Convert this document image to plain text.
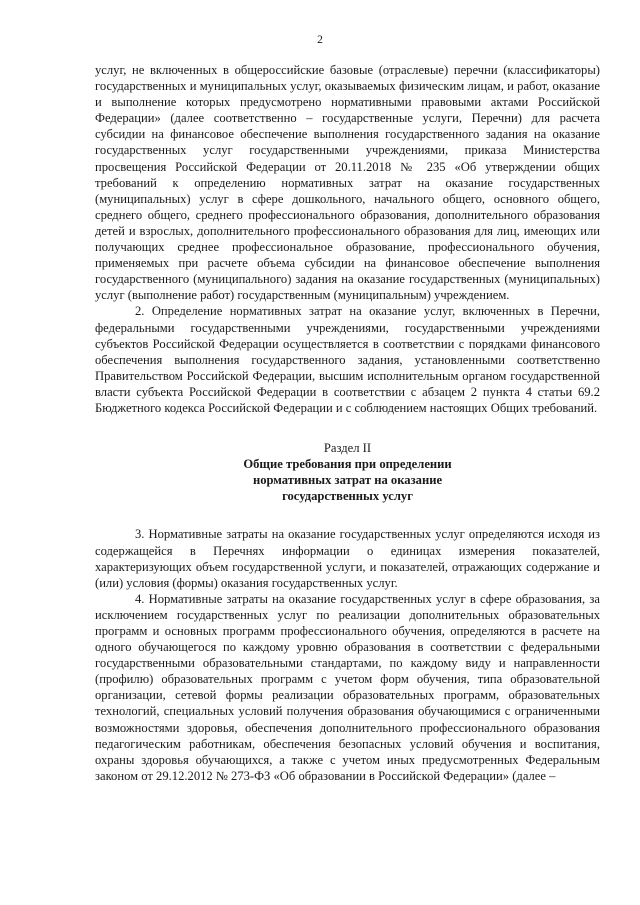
2

услуг, не включенных в общероссийские базовые (отраслевые) перечни (классификаторы) государственных и муниципальных услуг, оказываемых физическим лицам, и работ, оказание и выполнение которых предусмотрено нормативными правовыми актами Российской Федерации» (далее соответственно – государственные услуги, Перечни) для расчета субсидии на финансовое обеспечение выполнения государственного задания на оказание государственных услуг государственными учреждениями, приказа Министерства просвещения Российской Федерации от 20.11.2018 № 235 «Об утверждении общих требований к определению нормативных затрат на оказание государственных (муниципальных) услуг в сфере дошкольного, начального общего, основного общего, среднего общего, среднего профессионального образования, дополнительного образования детей и взрослых, дополнительного профессионального образования для лиц, имеющих или получающих среднее профессиональное образование, профессионального обучения, применяемых при расчете объема субсидии на финансовое обеспечение выполнения государственного (муниципального) задания на оказание государственных (муниципальных) услуг (выполнение работ) государственным (муниципальным) учреждением.

2. Определение нормативных затрат на оказание услуг, включенных в Перечни, федеральными государственными учреждениями, государственными учреждениями субъектов Российской Федерации осуществляется в соответствии с порядками финансового обеспечения выполнения государственного задания, установленными соответственно Правительством Российской Федерации, высшим исполнительным органом государственной власти субъекта Российской Федерации в соответствии с абзацем 2 пункта 4 статьи 69.2 Бюджетного кодекса Российской Федерации и с соблюдением настоящих Общих требований.

Раздел II
Общие требования при определении
нормативных затрат на оказание
государственных услуг

3. Нормативные затраты на оказание государственных услуг определяются исходя из содержащейся в Перечнях информации о единицах измерения показателей, характеризующих объем государственной услуги, и показателей, отражающих содержание и (или) условия (формы) оказания государственных услуг.

4. Нормативные затраты на оказание государственных услуг в сфере образования, за исключением государственных услуг по реализации дополнительных образовательных программ и основных программ профессионального обучения, определяются в расчете на одного обучающегося по каждому уровню образования в соответствии с федеральными государственными образовательными стандартами, по каждому виду и направленности (профилю) образовательных программ с учетом форм обучения, типа образовательной организации, сетевой формы реализации образовательных программ, образовательных технологий, специальных условий получения образования обучающимися с ограниченными возможностями здоровья, обеспечения дополнительного профессионального образования педагогическим работникам, обеспечения безопасных условий обучения и воспитания, охраны здоровья обучающихся, а также с учетом иных предусмотренных Федеральным законом от 29.12.2012 № 273-ФЗ «Об образовании в Российской Федерации» (далее –
